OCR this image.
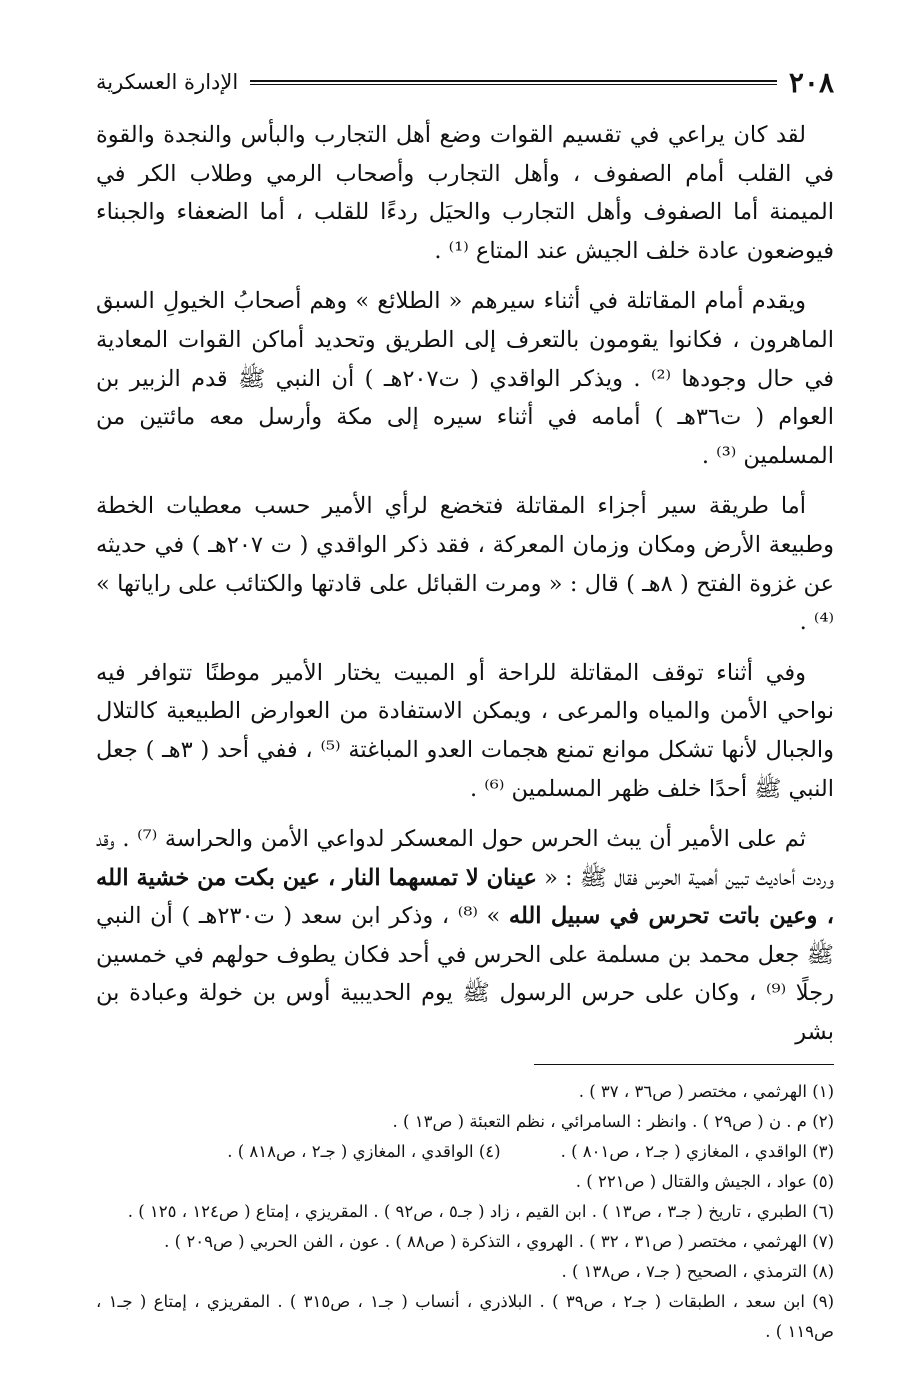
٢٠٨
الإدارة العسكرية

لقد كان يراعي في تقسيم القوات وضع أهل التجارب والبأس والنجدة والقوة في القلب أمام الصفوف ، وأهل التجارب وأصحاب الرمي وطلاب الكر في الميمنة أما الصفوف وأهل التجارب والحيَل ردءًا للقلب ، أما الضعفاء والجبناء فيوضعون عادة خلف الجيش عند المتاع ⁽¹⁾ .

ويقدم أمام المقاتلة في أثناء سيرهم « الطلائع » وهم أصحابُ الخيولِ السبق الماهرون ، فكانوا يقومون بالتعرف إلى الطريق وتحديد أماكن القوات المعادية في حال وجودها ⁽²⁾ . ويذكر الواقدي ( ت٢٠٧هـ ) أن النبي ﷺ قدم الزبير بن العوام ( ت٣٦هـ ) أمامه في أثناء سيره إلى مكة وأرسل معه مائتين من المسلمين ⁽³⁾ .

أما طريقة سير أجزاء المقاتلة فتخضع لرأي الأمير حسب معطيات الخطة وطبيعة الأرض ومكان وزمان المعركة ، فقد ذكر الواقدي ( ت ٢٠٧هـ ) في حديثه عن غزوة الفتح ( ٨هـ ) قال : « ومرت القبائل على قادتها والكتائب على راياتها » ⁽⁴⁾ .

وفي أثناء توقف المقاتلة للراحة أو المبيت يختار الأمير موطنًا تتوافر فيه نواحي الأمن والمياه والمرعى ، ويمكن الاستفادة من العوارض الطبيعية كالتلال والجبال لأنها تشكل موانع تمنع هجمات العدو المباغتة ⁽⁵⁾ ، ففي أحد ( ٣هـ ) جعل النبي ﷺ أحدًا خلف ظهر المسلمين ⁽⁶⁾ .

ثم على الأمير أن يبث الحرس حول المعسكر لدواعي الأمن والحراسة ⁽⁷⁾ . وقد وردت أحاديث تبين أهمية الحرس فقال ﷺ : « عينان لا تمسهما النار ، عين بكت من خشية الله ، وعين باتت تحرس في سبيل الله » ⁽⁸⁾ ، وذكر ابن سعد ( ت٢٣٠هـ ) أن النبي ﷺ جعل محمد بن مسلمة على الحرس في أحد فكان يطوف حولهم في خمسين رجلًا ⁽⁹⁾ ، وكان على حرس الرسول ﷺ يوم الحديبية أوس بن خولة وعبادة بن بشر

(١) الهرثمي ، مختصر ( ص٣٦ ، ٣٧ ) .

(٢) م . ن ( ص٢٩ ) . وانظر : السامرائي ، نظم التعبئة ( ص١٣ ) .

(٣) الواقدي ، المغازي ( جـ٢ ، ص٨٠١ ) .
(٤) الواقدي ، المغازي ( جـ٢ ، ص٨١٨ ) .

(٥) عواد ، الجيش والقتال ( ص٢٢١ ) .

(٦) الطبري ، تاريخ ( جـ٣ ، ص١٣ ) . ابن القيم ، زاد ( جـ٥ ، ص٩٢ ) . المقريزي ، إمتاع ( ص١٢٤ ، ١٢٥ ) .

(٧) الهرثمي ، مختصر ( ص٣١ ، ٣٢ ) . الهروي ، التذكرة ( ص٨٨ ) . عون ، الفن الحربي ( ص٢٠٩ ) .

(٨) الترمذي ، الصحيح ( جـ٧ ، ص١٣٨ ) .

(٩) ابن سعد ، الطبقات ( جـ٢ ، ص٣٩ ) . البلاذري ، أنساب ( جـ١ ، ص٣١٥ ) . المقريزي ، إمتاع ( جـ١ ، ص١١٩ ) .
